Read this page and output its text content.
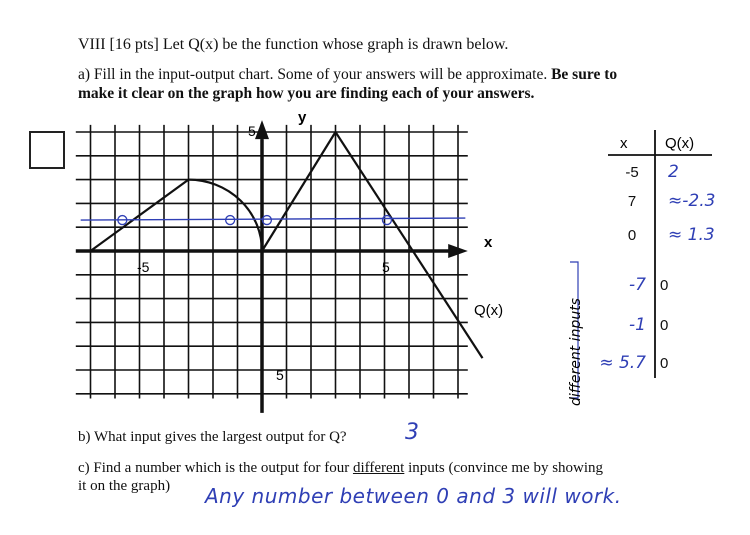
VIII [16 pts] Let Q(x) be the function whose graph is drawn below.
a) Fill in the input-output chart. Some of your answers will be approximate. Be sure to
make it clear on the graph how you are finding each of your answers.
x
y
-5	5
5
5
Q(x)
x	Q(x)
-5 2
7 ≈-2.3
0 ≈ 1.3
-7 0
-1 0
≈ 5.7 0
different inputs
b) What input gives the largest output for Q?	3
c) Find a number which is the output for four different inputs (convince me by showing
it on the graph) Any number between 0 and 3 will work.
